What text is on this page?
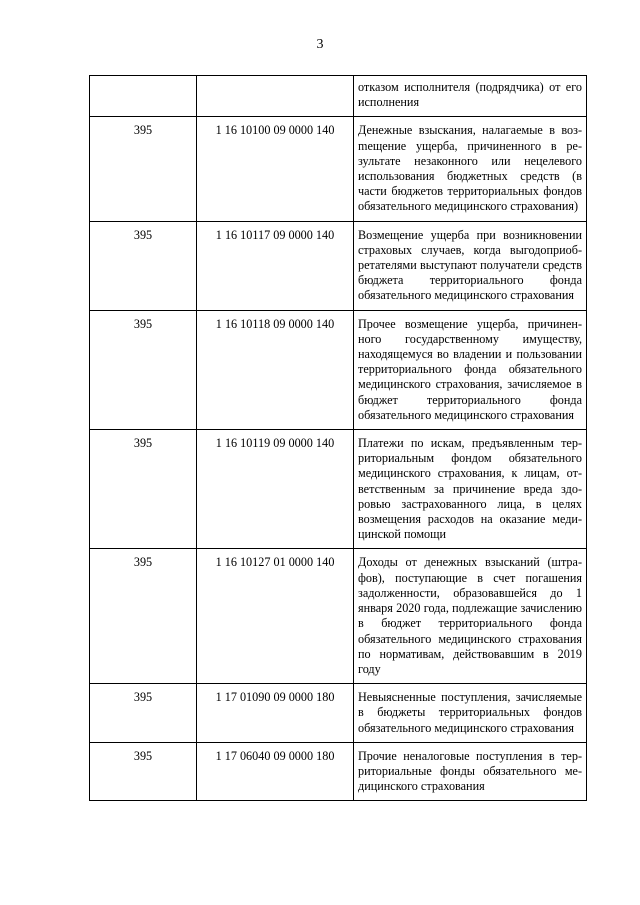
3
		отказом исполнителя (подрядчика) от его исполнения
395	1 16 10100 09 0000 140	Денежные взыскания, налагаемые в возmещение ущерба, причиненного в результате незаконного или нецелевого использования бюджетных средств (в части бюджетов территориальных фондов обязательного медицинского страхования)
395	1 16 10117 09 0000 140	Возмещение ущерба при возникновении страховых случаев, когда выгодоприобретателями выступают получатели средств бюджета территориального фонда обязательного медицинского страхования
395	1 16 10118 09 0000 140	Прочее возмещение ущерба, причиненного государственному имуществу, находящемуся во владении и пользовании территориального фонда обязательного медицинского страхования, зачисляемое в бюджет территориального фонда обязательного медицинского страхования
395	1 16 10119 09 0000 140	Платежи по искам, предъявленным территориальным фондом обязательного медицинского страхования, к лицам, ответственным за причинение вреда здоровью застрахованного лица, в целях возмещения расходов на оказание медицинской помощи
395	1 16 10127 01 0000 140	Доходы от денежных взысканий (штрафов), поступающие в счет погашения задолженности, образовавшейся до 1 января 2020 года, подлежащие зачислению в бюджет территориального фонда обязательного медицинского страхования по нормативам, действовавшим в 2019 году
395	1 17 01090 09 0000 180	Невыясненные поступления, зачисляемые в бюджеты территориальных фондов обязательного медицинского страхования
395	1 17 06040 09 0000 180	Прочие неналоговые поступления в территориальные фонды обязательного медицинского страхования
